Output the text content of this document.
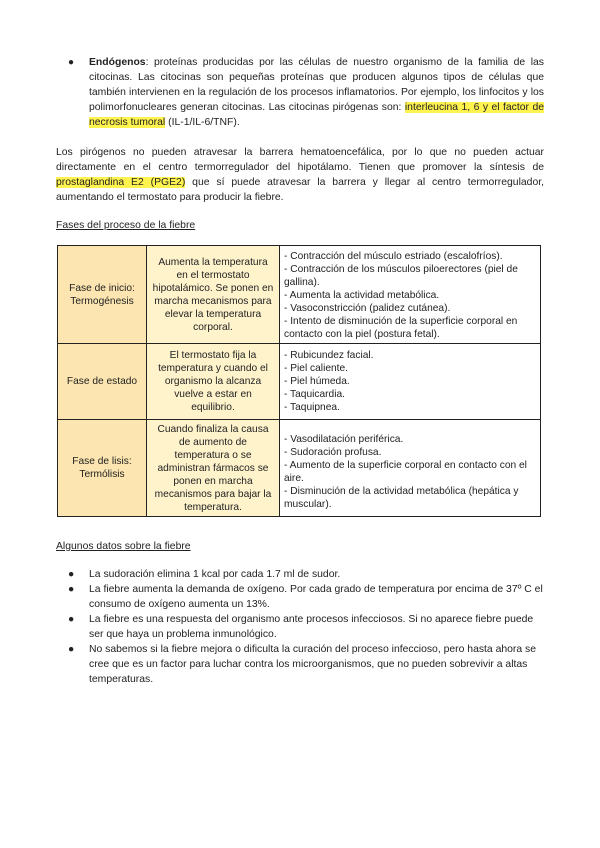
●	Endógenos: proteínas producidas por las células de nuestro organismo de la familia de las citocinas. Las citocinas son pequeñas proteínas que producen algunos tipos de células que también intervienen en la regulación de los procesos inflamatorios. Por ejemplo, los linfocitos y los polimorfonucleares generan citocinas. Las citocinas pirógenas son: interleucina 1, 6 y el factor de necrosis tumoral (IL-1/IL-6/TNF).
Los pirógenos no pueden atravesar la barrera hematoencefálica, por lo que no pueden actuar directamente en el centro termorregulador del hipotálamo. Tienen que promover la síntesis de prostaglandina E2 (PGE2) que sí puede atravesar la barrera y llegar al centro termorregulador, aumentando el termostato para producir la fiebre.
Fases del proceso de la fiebre
Fase de inicio: Termogénesis	Aumenta la temperatura en el termostato hipotalámico. Se ponen en marcha mecanismos para elevar la temperatura corporal.	- Contracción del músculo estriado (escalofríos).
- Contracción de los músculos piloerectores (piel de gallina).
- Aumenta la actividad metabólica.
- Vasoconstricción (palidez cutánea).
- Intento de disminución de la superficie corporal en contacto con la piel (postura fetal).

Fase de estado	El termostato fija la temperatura y cuando el organismo la alcanza vuelve a estar en equilibrio.	- Rubicundez facial.
- Piel caliente.
- Piel húmeda.
- Taquicardia.
- Taquipnea.

Fase de lisis: Termólisis	Cuando finaliza la causa de aumento de temperatura o se administran fármacos se ponen en marcha mecanismos para bajar la temperatura.	- Vasodilatación periférica.
- Sudoración profusa.
- Aumento de la superficie corporal en contacto con el aire.
- Disminución de la actividad metabólica (hepática y muscular).
Algunos datos sobre la fiebre
● La sudoración elimina 1 kcal por cada 1.7 ml de sudor.
● La fiebre aumenta la demanda de oxígeno. Por cada grado de temperatura por encima de 37º C el consumo de oxígeno aumenta un 13%.
● La fiebre es una respuesta del organismo ante procesos infecciosos. Si no aparece fiebre puede ser que haya un problema inmunológico.
● No sabemos si la fiebre mejora o dificulta la curación del proceso infeccioso, pero hasta ahora se cree que es un factor para luchar contra los microorganismos, que no pueden sobrevivir a altas temperaturas.
